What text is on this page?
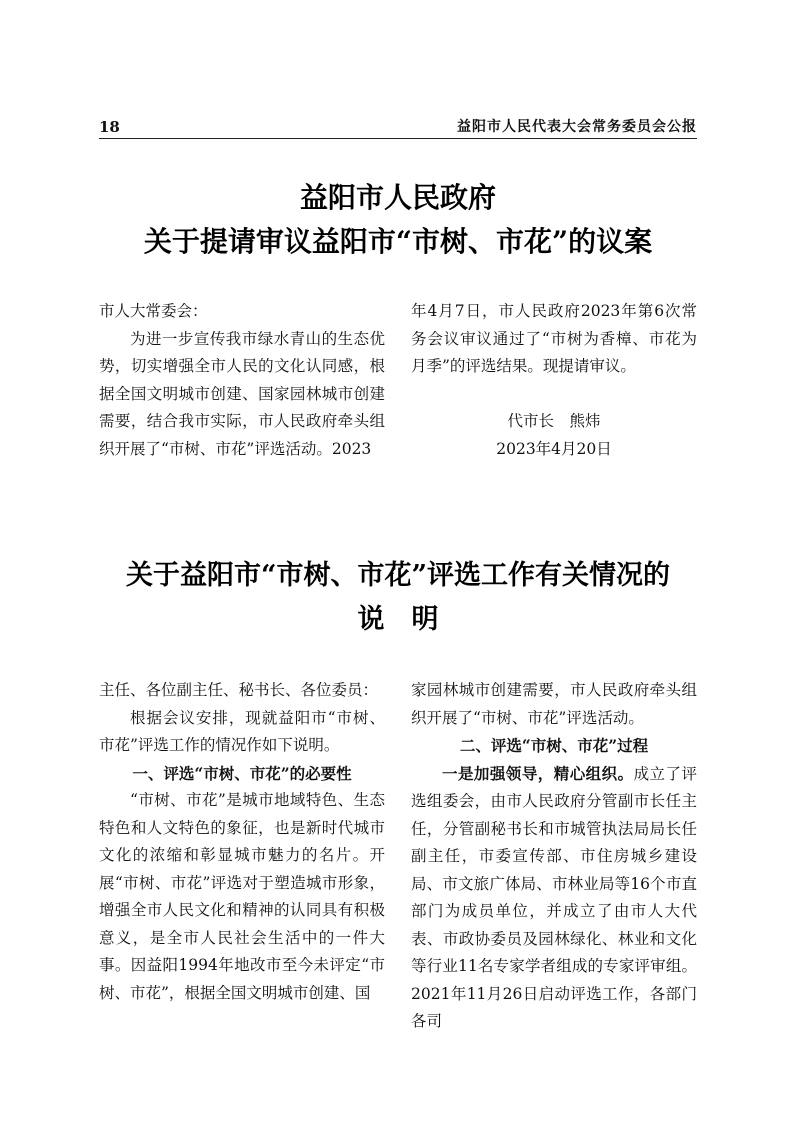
18	益阳市人民代表大会常务委员会公报
益阳市人民政府
关于提请审议益阳市“市树、市花”的议案

市人大常委会：

为进一步宣传我市绿水青山的生态优势，切实增强全市人民的文化认同感，根据全国文明城市创建、国家园林城市创建需要，结合我市实际，市人民政府牵头组织开展了“市树、市花”评选活动。2023

年4月7日，市人民政府2023年第6次常务会议审议通过了“市树为香樟、市花为月季”的评选结果。现提请审议。

代市长　熊炜

2023年4月20日

关于益阳市“市树、市花”评选工作有关情况的
说　明

主任、各位副主任、秘书长、各位委员：

根据会议安排，现就益阳市“市树、市花”评选工作的情况作如下说明。

一、评选“市树、市花”的必要性

“市树、市花”是城市地域特色、生态特色和人文特色的象征，也是新时代城市文化的浓缩和彰显城市魅力的名片。开展“市树、市花”评选对于塑造城市形象，增强全市人民文化和精神的认同具有积极意义，是全市人民社会生活中的一件大事。因益阳1994年地改市至今未评定“市树、市花”，根据全国文明城市创建、国

家园林城市创建需要，市人民政府牵头组织开展了“市树、市花”评选活动。

二、评选“市树、市花”过程

一是加强领导，精心组织。成立了评选组委会，由市人民政府分管副市长任主任，分管副秘书长和市城管执法局局长任副主任，市委宣传部、市住房城乡建设局、市文旅广体局、市林业局等16个市直部门为成员单位，并成立了由市人大代表、市政协委员及园林绿化、林业和文化等行业11名专家学者组成的专家评审组。2021年11月26日启动评选工作，各部门各司
